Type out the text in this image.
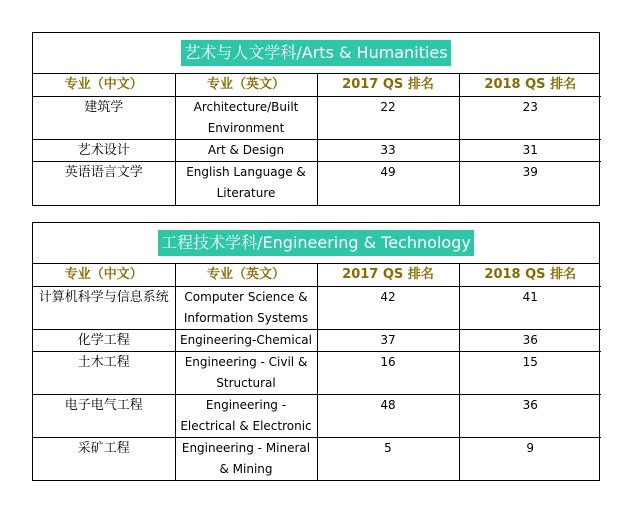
艺术与人文学科/Arts & Humanities
专业（中文）	专业（英文）	2017 QS 排名	2018 QS 排名
建筑学	Architecture/Built Environment	22	23
艺术设计	Art & Design	33	31
英语语言文学	English Language & Literature	49	39
工程技术学科/Engineering & Technology
专业（中文）	专业（英文）	2017 QS 排名	2018 QS 排名
计算机科学与信息系统	Computer Science & Information Systems	42	41
化学工程	Engineering-Chemical	37	36
土木工程	Engineering - Civil & Structural	16	15
电子电气工程	Engineering - Electrical & Electronic	48	36
采矿工程	Engineering - Mineral & Mining	5	9
